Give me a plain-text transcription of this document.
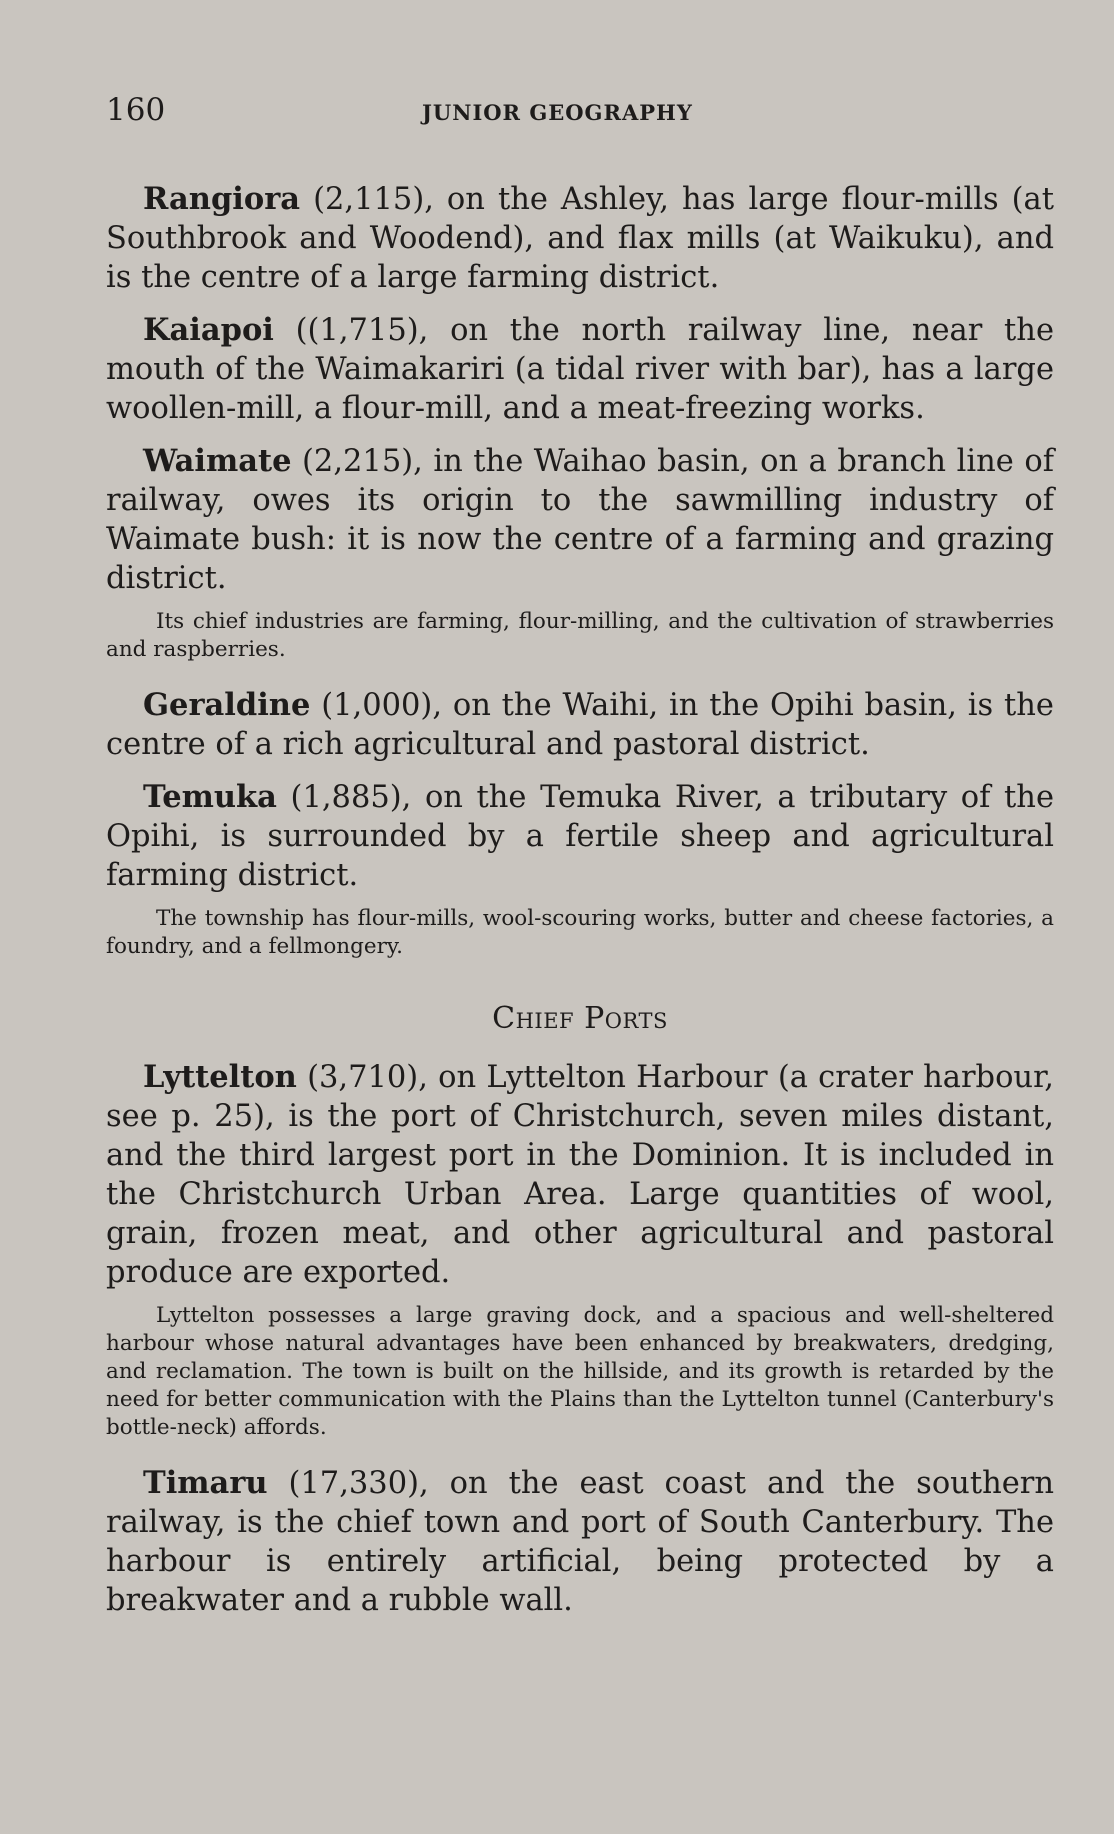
160	JUNIOR GEOGRAPHY

Rangiora (2,115), on the Ashley, has large flour-mills (at Southbrook and Woodend), and flax mills (at Waikuku), and is the centre of a large farming district.

Kaiapoi ((1,715), on the north railway line, near the mouth of the Waimakariri (a tidal river with bar), has a large woollen-mill, a flour-mill, and a meat-freezing works.

Waimate (2,215), in the Waihao basin, on a branch line of railway, owes its origin to the sawmilling industry of Waimate bush: it is now the centre of a farming and grazing district.

Its chief industries are farming, flour-milling, and the cultivation of strawberries and raspberries.

Geraldine (1,000), on the Waihi, in the Opihi basin, is the centre of a rich agricultural and pastoral district.

Temuka (1,885), on the Temuka River, a tributary of the Opihi, is surrounded by a fertile sheep and agricultural farming district.

The township has flour-mills, wool-scouring works, butter and cheese factories, a foundry, and a fellmongery.

Chief Ports

Lyttelton (3,710), on Lyttelton Harbour (a crater harbour, see p. 25), is the port of Christchurch, seven miles distant, and the third largest port in the Dominion. It is included in the Christchurch Urban Area. Large quantities of wool, grain, frozen meat, and other agricultural and pastoral produce are exported.

Lyttelton possesses a large graving dock, and a spacious and well-sheltered harbour whose natural advantages have been enhanced by breakwaters, dredging, and reclamation. The town is built on the hillside, and its growth is retarded by the need for better communication with the Plains than the Lyttelton tunnel (Canterbury's bottle-neck) affords.

Timaru (17,330), on the east coast and the southern railway, is the chief town and port of South Canterbury. The harbour is entirely artificial, being protected by a breakwater and a rubble wall.
